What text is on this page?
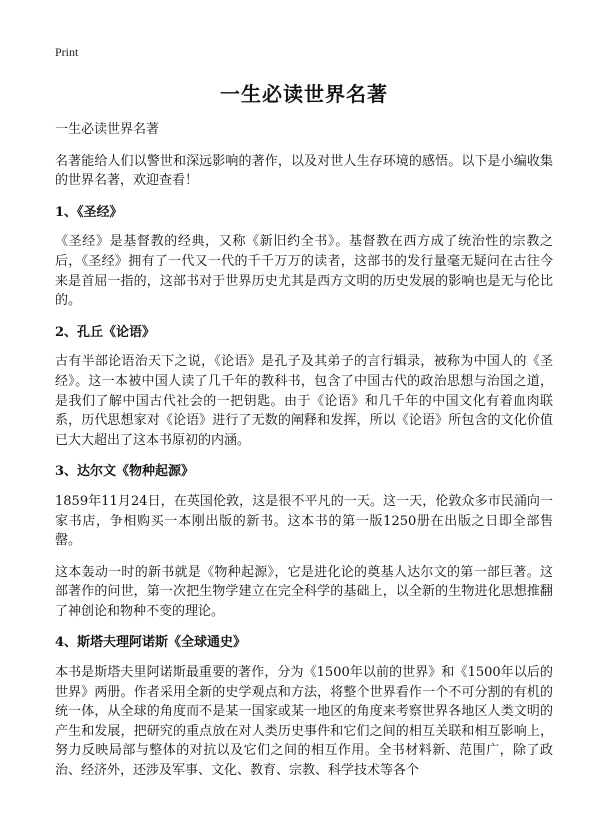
Print
一生必读世界名著

一生必读世界名著

名著能给人们以警世和深远影响的著作，以及对世人生存环境的感悟。以下是小编收集的世界名著，欢迎查看！

1、《圣经》

《圣经》是基督教的经典，又称《新旧约全书》。基督教在西方成了统治性的宗教之后，《圣经》拥有了一代又一代的千千万万的读者，这部书的发行量毫无疑问在古往今来是首屈一指的，这部书对于世界历史尤其是西方文明的历史发展的影响也是无与伦比的。

2、孔丘《论语》

古有半部论语治天下之说，《论语》是孔子及其弟子的言行辑录，被称为中国人的《圣经》。这一本被中国人读了几千年的教科书，包含了中国古代的政治思想与治国之道，是我们了解中国古代社会的一把钥匙。由于《论语》和几千年的中国文化有着血肉联系，历代思想家对《论语》进行了无数的阐释和发挥，所以《论语》所包含的文化价值已大大超出了这本书原初的内涵。

3、达尔文《物种起源》

1859年11月24日，在英国伦敦，这是很不平凡的一天。这一天，伦敦众多市民涌向一家书店，争相购买一本刚出版的新书。这本书的第一版1250册在出版之日即全部售罄。

这本轰动一时的新书就是《物种起源》，它是进化论的奠基人达尔文的第一部巨著。这部著作的问世，第一次把生物学建立在完全科学的基础上，以全新的生物进化思想推翻了神创论和物种不变的理论。

4、斯塔夫理阿诺斯《全球通史》

本书是斯塔夫里阿诺斯最重要的著作，分为《1500年以前的世界》和《1500年以后的世界》两册。作者采用全新的史学观点和方法，将整个世界看作一个不可分割的有机的统一体，从全球的角度而不是某一国家或某一地区的角度来考察世界各地区人类文明的产生和发展，把研究的重点放在对人类历史事件和它们之间的相互关联和相互影响上，努力反映局部与整体的对抗以及它们之间的相互作用。全书材料新、范围广，除了政治、经济外，还涉及军事、文化、教育、宗教、科学技术等各个
